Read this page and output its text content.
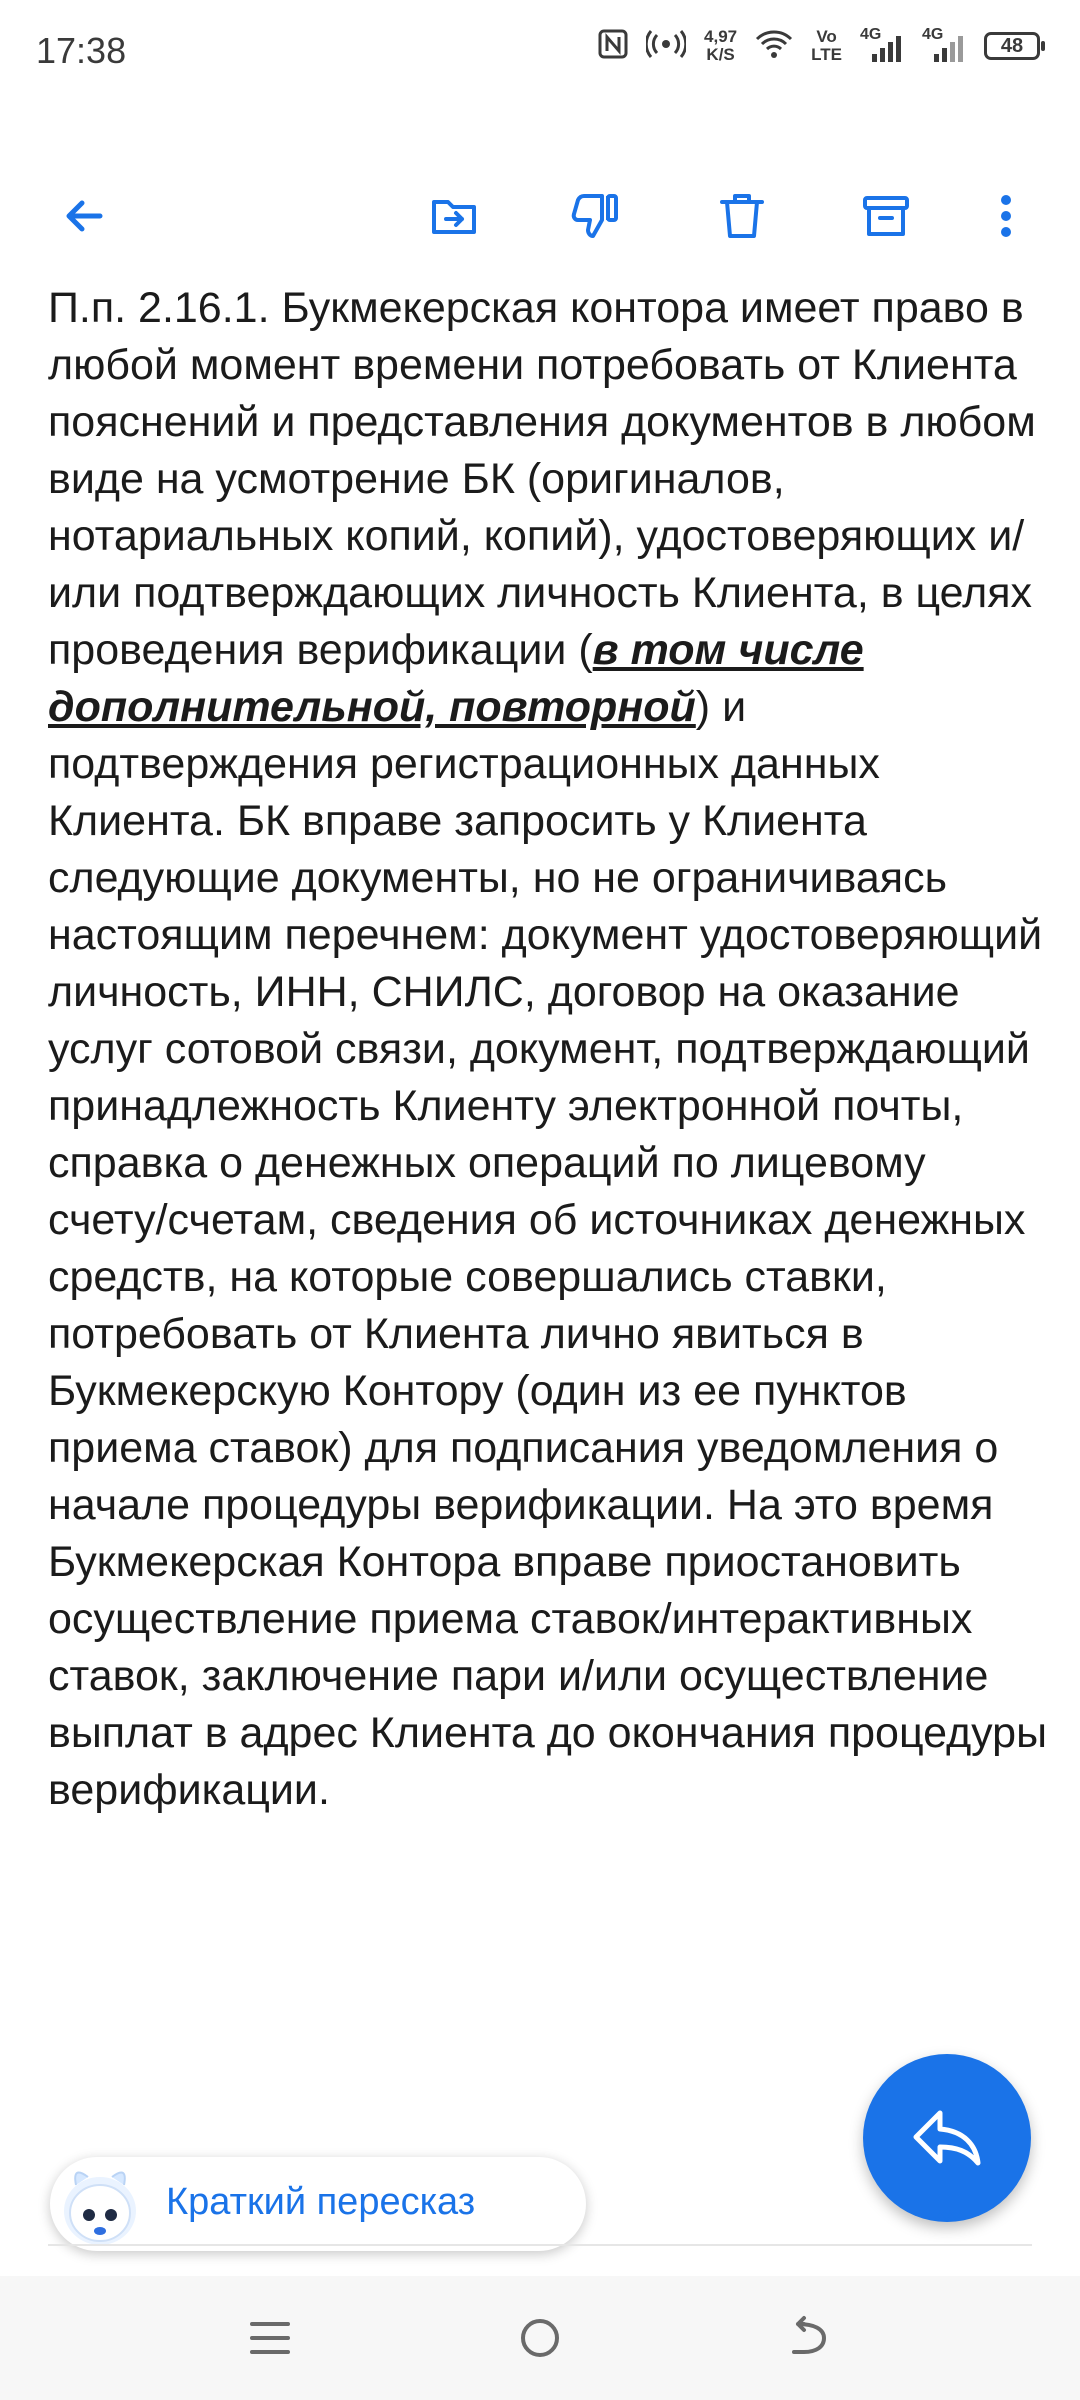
17:38	4,97
K/S
Vo
LTE
4G	4G
48

П.п. 2.16.1. Букмекерская контора имеет право в любой момент времени потребовать от Клиента пояснений и представления документов в любом виде на усмотрение БК (оригиналов, нотариальных копий, копий), удостоверяющих и/или подтверждающих личность Клиента, в целях проведения верификации (в том числе дополнительной, повторной) и подтверждения регистрационных данных Клиента. БК вправе запросить у Клиента следующие документы, но не ограничиваясь настоящим перечнем: документ удостоверяющий личность, ИНН, СНИЛС, договор на оказание услуг сотовой связи, документ, подтверждающий принадлежность Клиенту электронной почты, справка о денежных операций по лицевому счету/счетам, сведения об источниках денежных средств, на которые совершались ставки, потребовать от Клиента лично явиться в Букмекерскую Контору (один из ее пунктов приема ставок) для подписания уведомления о начале процедуры верификации. На это время Букмекерская Контора вправе приостановить осуществление приема ставок/интерактивных ставок, заключение пари и/или осуществление выплат в адрес Клиента до окончания процедуры верификации.

Краткий пересказ
